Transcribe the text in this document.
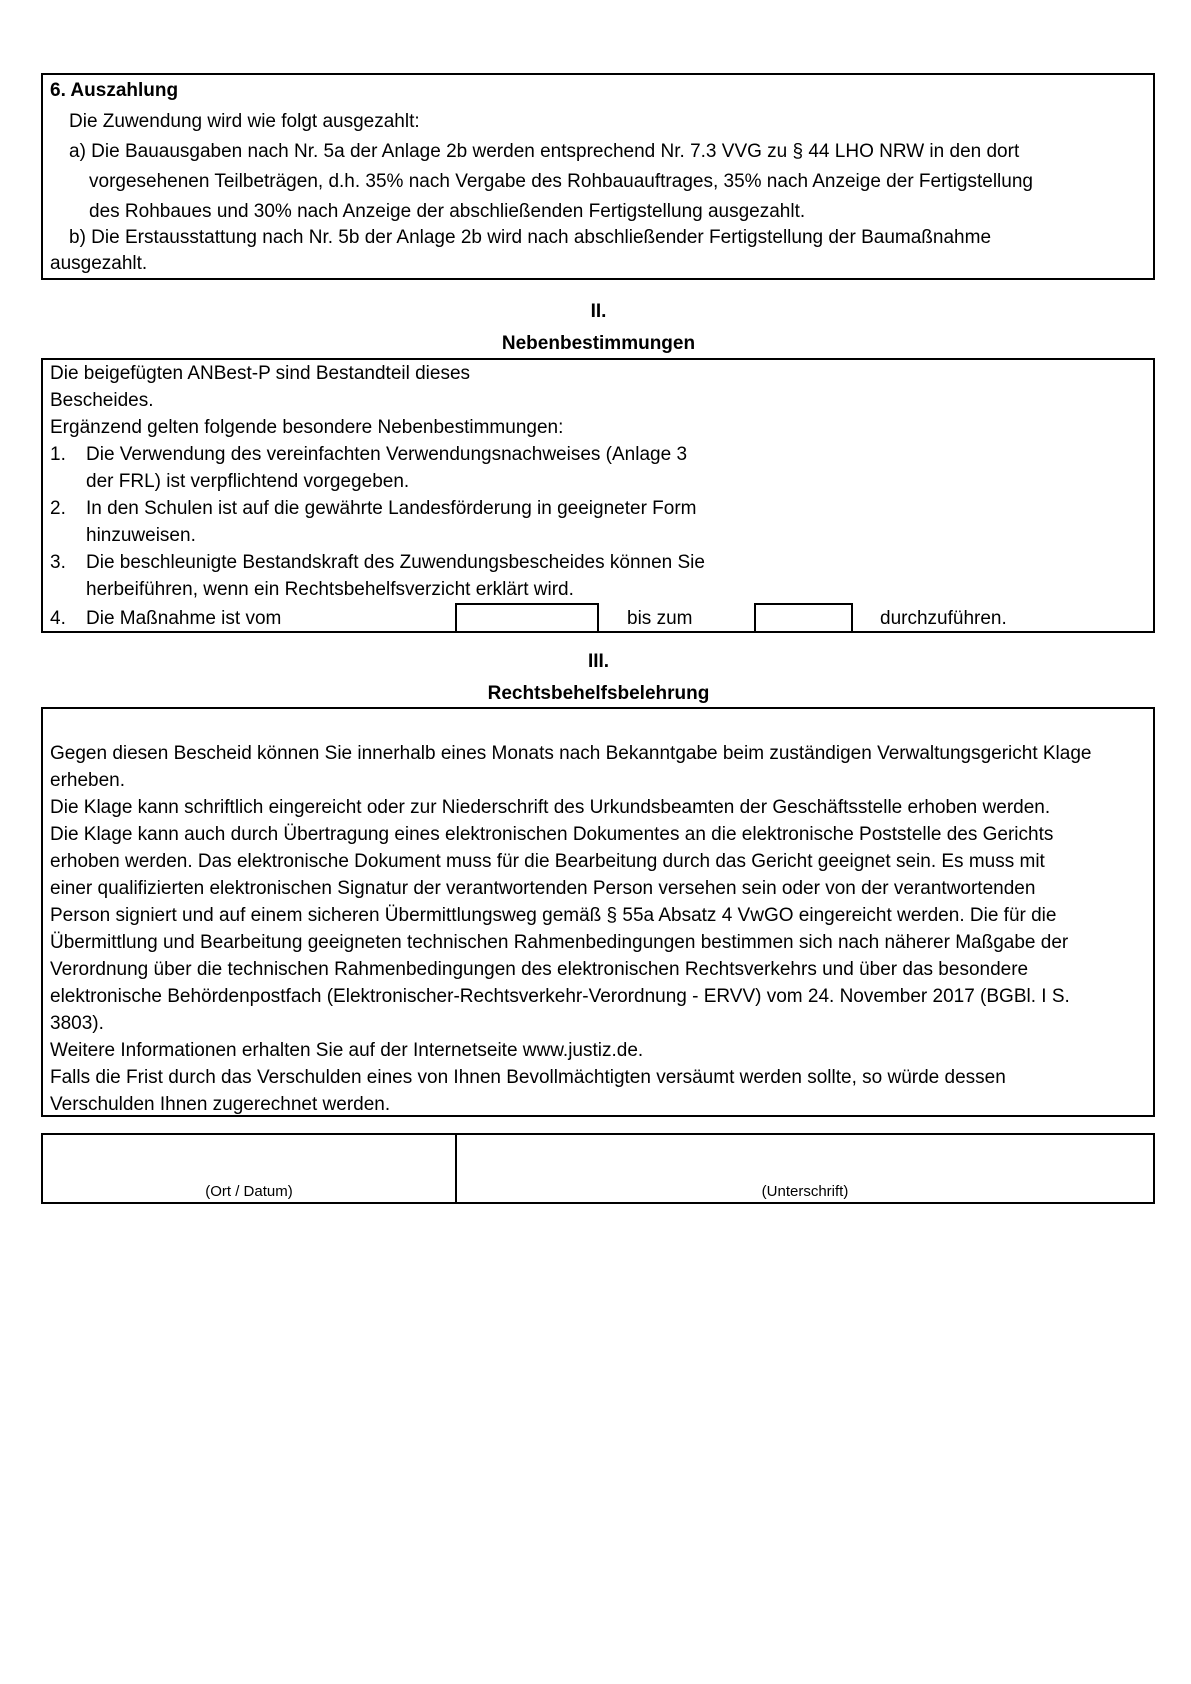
6. Auszahlung
Die Zuwendung wird wie folgt ausgezahlt:
a) Die Bauausgaben nach Nr. 5a der Anlage 2b werden entsprechend Nr. 7.3 VVG zu § 44 LHO NRW in den dort
vorgesehenen Teilbeträgen, d.h. 35% nach Vergabe des Rohbauauftrages, 35% nach Anzeige der Fertigstellung
des Rohbaues und 30% nach Anzeige der abschließenden Fertigstellung ausgezahlt.
b) Die Erstausstattung nach Nr. 5b der Anlage 2b wird nach abschließender Fertigstellung der Baumaßnahme
ausgezahlt.
II.
Nebenbestimmungen
Die beigefügten ANBest-P sind Bestandteil dieses
Bescheides.
Ergänzend gelten folgende besondere Nebenbestimmungen:
1. Die Verwendung des vereinfachten Verwendungsnachweises (Anlage 3
der FRL) ist verpflichtend vorgegeben.
2. In den Schulen ist auf die gewährte Landesförderung in geeigneter Form
hinzuweisen.
3. Die beschleunigte Bestandskraft des Zuwendungsbescheides können Sie
herbeiführen, wenn ein Rechtsbehelfsverzicht erklärt wird.
4. Die Maßnahme ist vom	bis zum	durchzuführen.
III.
Rechtsbehelfsbelehrung
Gegen diesen Bescheid können Sie innerhalb eines Monats nach Bekanntgabe beim zuständigen Verwaltungsgericht Klage
erheben.
Die Klage kann schriftlich eingereicht oder zur Niederschrift des Urkundsbeamten der Geschäftsstelle erhoben werden.
Die Klage kann auch durch Übertragung eines elektronischen Dokumentes an die elektronische Poststelle des Gerichts
erhoben werden. Das elektronische Dokument muss für die Bearbeitung durch das Gericht geeignet sein. Es muss mit
einer qualifizierten elektronischen Signatur der verantwortenden Person versehen sein oder von der verantwortenden
Person signiert und auf einem sicheren Übermittlungsweg gemäß § 55a Absatz 4 VwGO eingereicht werden. Die für die
Übermittlung und Bearbeitung geeigneten technischen Rahmenbedingungen bestimmen sich nach näherer Maßgabe der
Verordnung über die technischen Rahmenbedingungen des elektronischen Rechtsverkehrs und über das besondere
elektronische Behördenpostfach (Elektronischer-Rechtsverkehr-Verordnung - ERVV) vom 24. November 2017 (BGBl. I S.
3803).
Weitere Informationen erhalten Sie auf der Internetseite www.justiz.de.
Falls die Frist durch das Verschulden eines von Ihnen Bevollmächtigten versäumt werden sollte, so würde dessen
Verschulden Ihnen zugerechnet werden.
(Ort / Datum)	(Unterschrift)
